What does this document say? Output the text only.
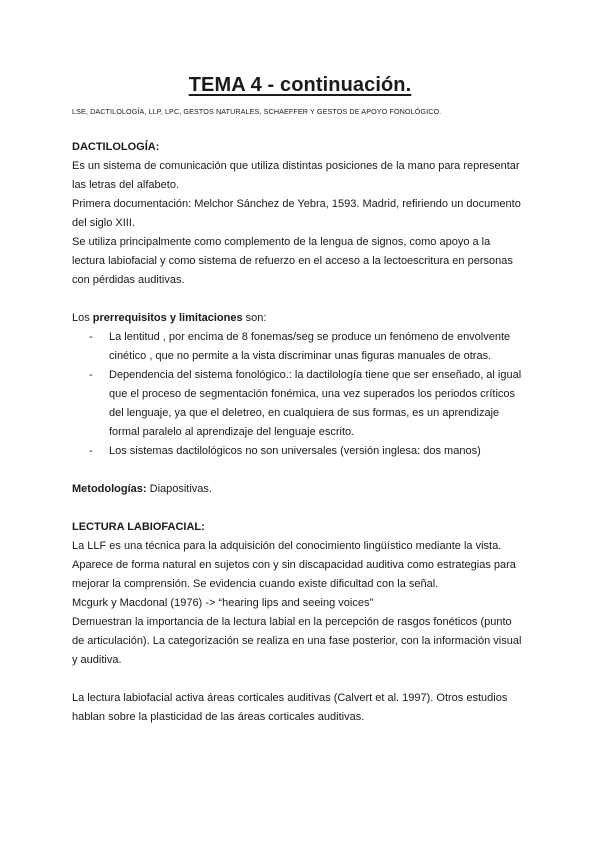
TEMA 4 - continuación.
LSE, DACTILOLOGÍA, LLP, LPC, GESTOS NATURALES, SCHAEFFER Y GESTOS DE APOYO FONOLÓGICO.

DACTILOLOGÍA:

Es un sistema de comunicación que utiliza distintas posiciones de la mano para representar

las letras del alfabeto.

Primera documentación: Melchor Sánchez de Yebra, 1593. Madrid, refiriendo un documento

del siglo XIII.

Se utiliza principalmente como complemento de la lengua de signos, como apoyo a la

lectura labiofacial y como sistema de refuerzo en el acceso a la lectoescritura en personas

con pérdidas auditivas.

Los prerrequisitos y limitaciones son:

- La lentitud , por encima de 8 fonemas/seg se produce un fenómeno de envolvente

cinético , que no permite a la vista discriminar unas figuras manuales de otras.

- Dependencia del sistema fonológico.: la dactilología tiene que ser enseñado, al igual

que el proceso de segmentación fonémica, una vez superados los periodos críticos

del lenguaje, ya que el deletreo, en cualquiera de sus formas, es un aprendizaje

formal paralelo al aprendizaje del lenguaje escrito.

- Los sistemas dactilológicos no son universales (versión inglesa: dos manos)

Metodologías: Diapositivas.

LECTURA LABIOFACIAL:

La LLF es una técnica para la adquisición del conocimiento lingüístico mediante la vista.

Aparece de forma natural en sujetos con y sin discapacidad auditiva como estrategias para

mejorar la comprensión. Se evidencia cuando existe dificultad con la señal.

Mcgurk y Macdonal (1976) -> “hearing lips and seeing voices”

Demuestran la importancia de la lectura labial en la percepción de rasgos fonéticos (punto

de articulación). La categorización se realiza en una fase posterior, con la información visual

y auditiva.

La lectura labiofacial activa áreas corticales auditivas (Calvert et al. 1997). Otros estudios

hablan sobre la plasticidad de las áreas corticales auditivas.
